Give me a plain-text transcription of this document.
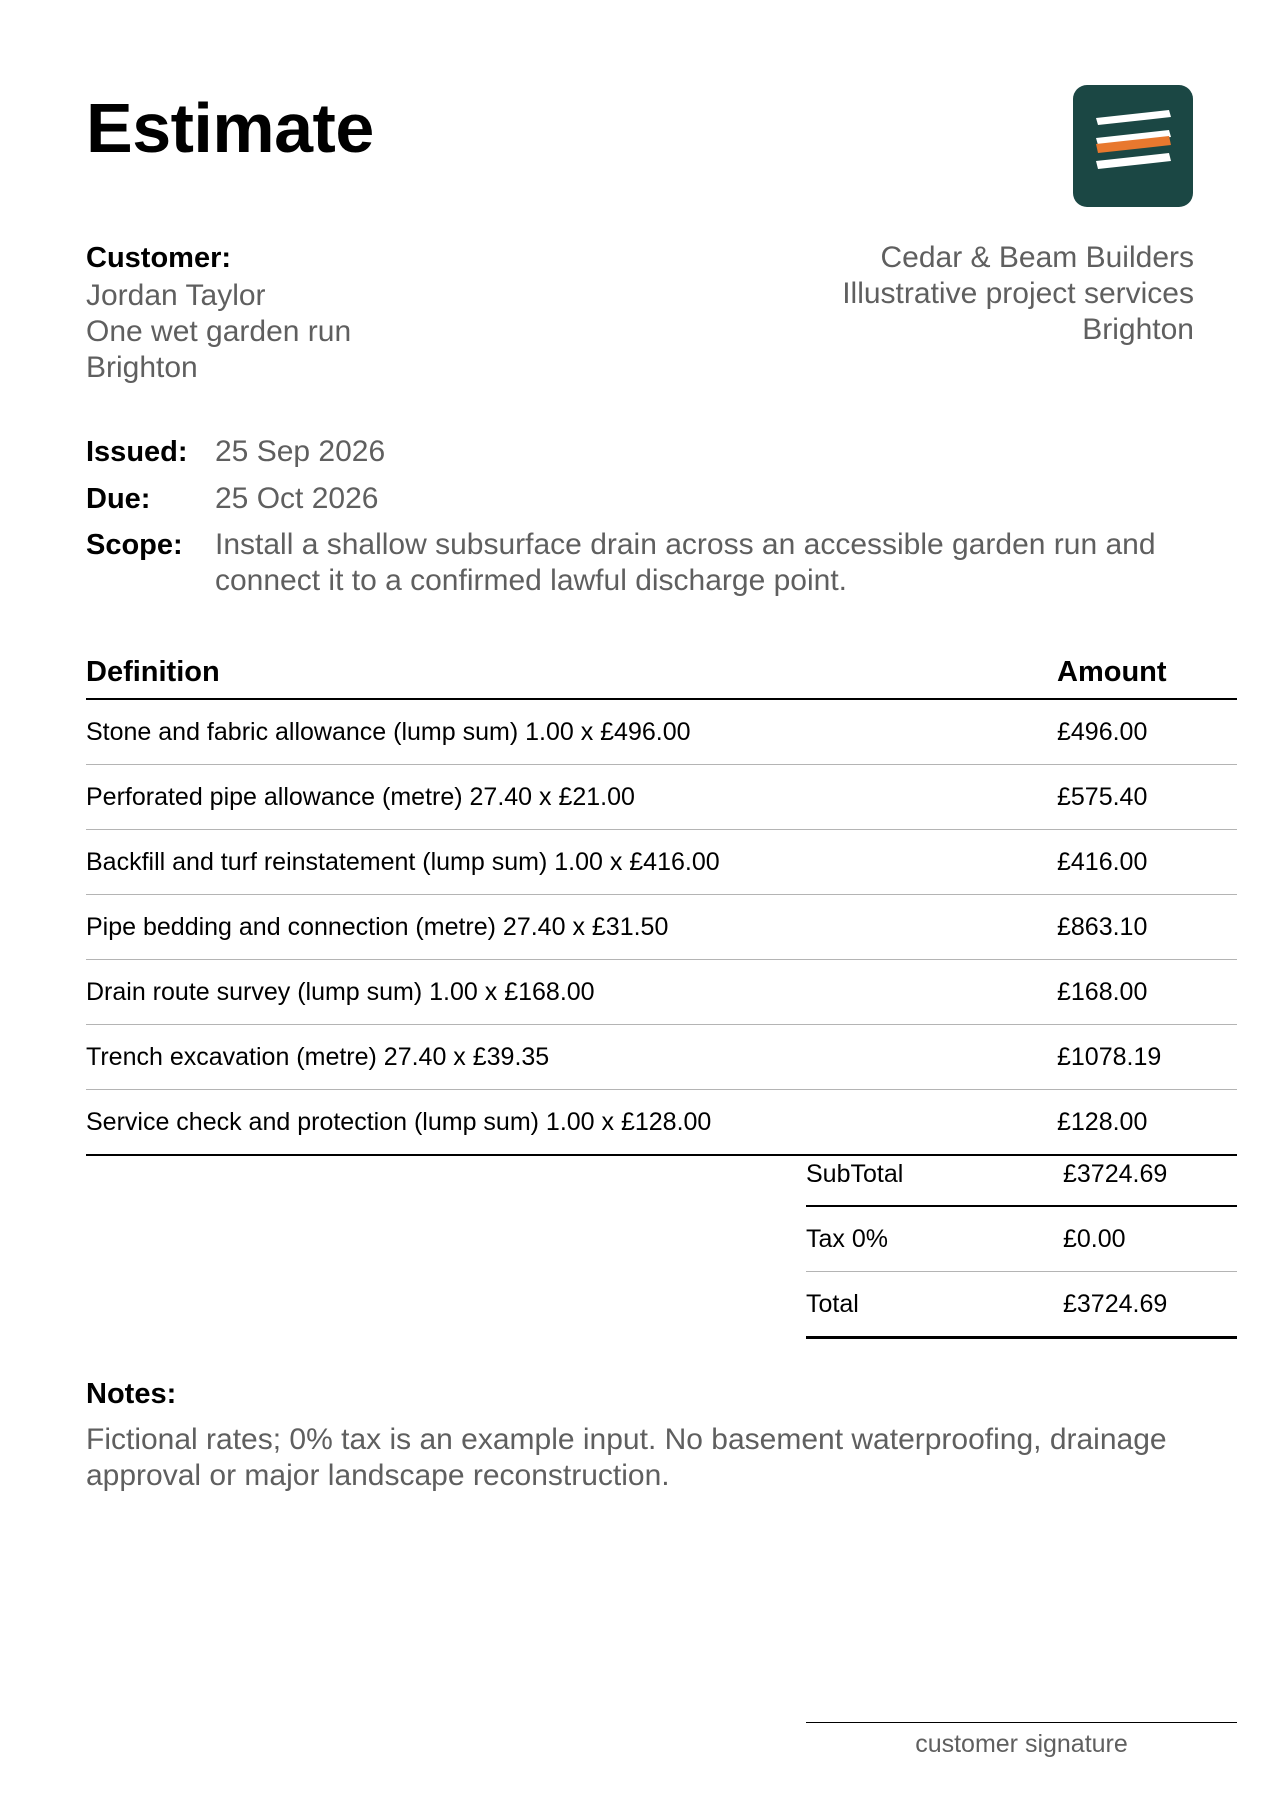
Estimate
Customer:
Jordan Taylor
One wet garden run
Brighton
Cedar & Beam Builders
Illustrative project services
Brighton
Issued: 25 Sep 2026
Due:	25 Oct 2026
Scope:	Install a shallow subsurface drain across an accessible garden run and connect it to a confirmed lawful discharge point.
Definition	Amount
Stone and fabric allowance (lump sum) 1.00 x £496.00	£496.00
Perforated pipe allowance (metre) 27.40 x £21.00	£575.40
Backfill and turf reinstatement (lump sum) 1.00 x £416.00	£416.00
Pipe bedding and connection (metre) 27.40 x £31.50	£863.10
Drain route survey (lump sum) 1.00 x £168.00	£168.00
Trench excavation (metre) 27.40 x £39.35	£1078.19
Service check and protection (lump sum) 1.00 x £128.00	£128.00
SubTotal	£3724.69
Tax 0%	£0.00
Total	£3724.69
Notes:
Fictional rates; 0% tax is an example input. No basement waterproofing, drainage approval or major landscape reconstruction.
customer signature
